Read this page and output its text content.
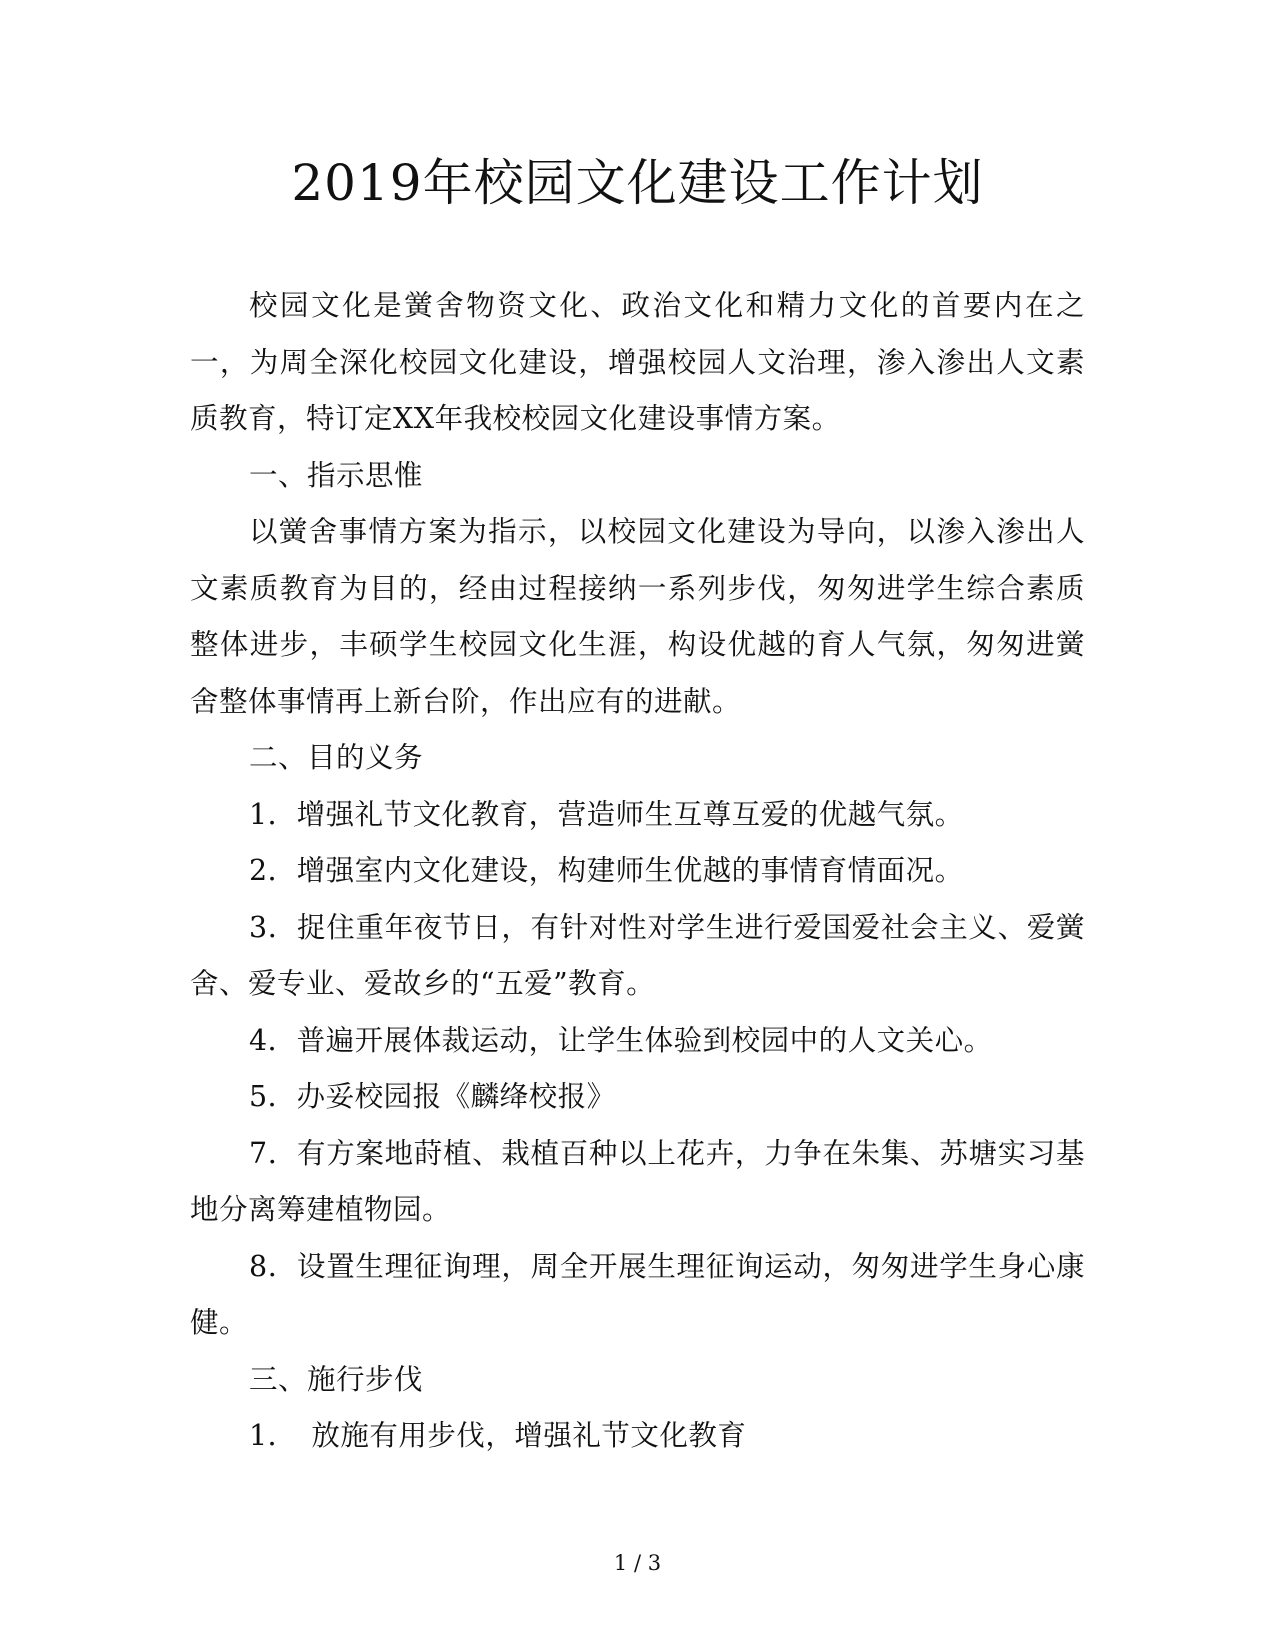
2019年校园文化建设工作计划

校园文化是黉舍物资文化、政治文化和精力文化的首要内在之一，为周全深化校园文化建设，增强校园人文治理，渗入渗出人文素质教育，特订定XX年我校校园文化建设事情方案。

一、指示思惟

以黉舍事情方案为指示，以校园文化建设为导向，以渗入渗出人文素质教育为目的，经由过程接纳一系列步伐，匆匆进学生综合素质整体进步，丰硕学生校园文化生涯，构设优越的育人气氛，匆匆进黉舍整体事情再上新台阶，作出应有的进献。

二、目的义务

1．增强礼节文化教育，营造师生互尊互爱的优越气氛。

2．增强室内文化建设，构建师生优越的事情育情面况。

3．捉住重年夜节日，有针对性对学生进行爱国爱社会主义、爱黉舍、爱专业、爱故乡的“五爱”教育。

4．普遍开展体裁运动，让学生体验到校园中的人文关心。

5．办妥校园报《麟绛校报》

7．有方案地莳植、栽植百种以上花卉，力争在朱集、苏塘实习基地分离筹建植物园。

8．设置生理征询理，周全开展生理征询运动，匆匆进学生身心康健。

三、施行步伐

1．　放施有用步伐，增强礼节文化教育

1 / 3
